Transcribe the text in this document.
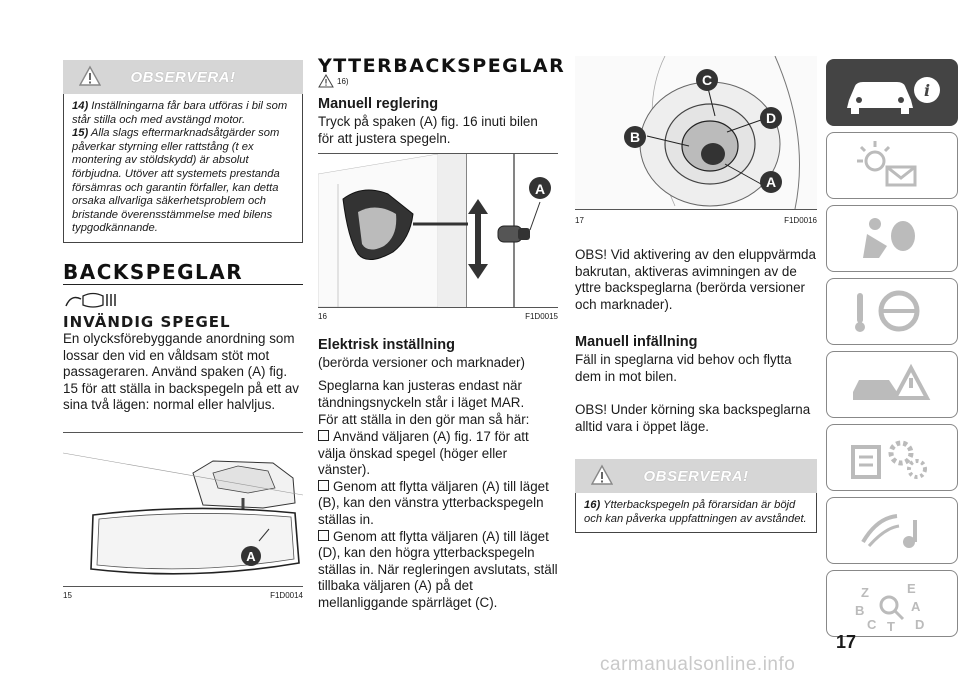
OBSERVERA!

14) Inställningarna får bara utföras i bil som står stilla och med avstängd motor.

15) Alla slags eftermarknadsåtgärder som påverkar styrning eller rattstång (t ex montering av stöldskydd) är absolut förbjudna. Utöver att systemets prestanda försämras och garantin förfaller, kan detta orsaka allvarliga säkerhetsproblem och bristande överensstämmelse med bilens typgodkännande.

BACKSPEGLAR
INVÄNDIG SPEGEL
En olycksförebyggande anordning som lossar den vid en våldsam stöt mot passageraren. Använd spaken (A) fig. 15 för att ställa in backspegeln på ett av sina två lägen: normal eller halvljus.
A
15	F1D0014
YTTERBACKSPEGLAR
16)
Manuell reglering
Tryck på spaken (A) fig. 16 inuti bilen för att justera spegeln.
A
16	F1D0015
Elektrisk inställning
(berörda versioner och marknader)
Speglarna kan justeras endast när tändningsnyckeln står i läget MAR.
För att ställa in den gör man så här:
Använd väljaren (A) fig. 17 för att välja önskad spegel (höger eller vänster).
Genom att flytta väljaren (A) till läget (B), kan den vänstra ytterbackspegeln ställas in.
Genom att flytta väljaren (A) till läget (D), kan den högra ytterbackspegeln ställas in. När regleringen avslutats, ställ tillbaka väljaren (A) på det mellanliggande spärrläget (C).
C
D
B
A
17	F1D0016
OBS! Vid aktivering av den eluppvärmda bakrutan, aktiveras avimningen av de yttre backspeglarna (berörda versioner och marknader).
Manuell infällning
Fäll in speglarna vid behov och flytta dem in mot bilen.
OBS! Under körning ska backspeglarna alltid vara i öppet läge.
OBSERVERA!

16) Ytterbackspegeln på förarsidan är böjd och kan påverka uppfattningen av avståndet.

i
Z	E
B	A
C	D
T
17
carmanualsonline.info
